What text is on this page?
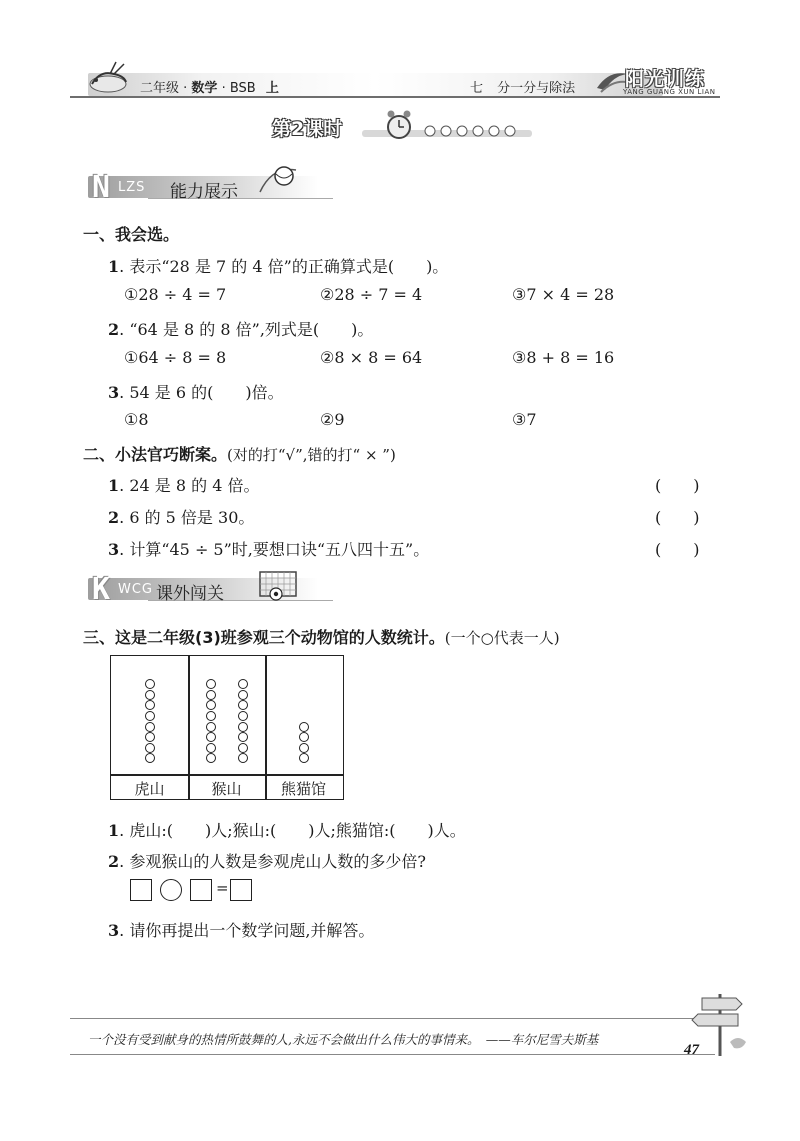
二年级 · 数学 · BSB 上	七 分一分与除法	阳光训练
YANG GUANG XUN LIAN
第2课时
N LZS 能力展示
一、我会选。
1. 表示“28 是 7 的 4 倍”的正确算式是(　　)。
①28 ÷ 4 = 7	②28 ÷ 7 = 4	③7 × 4 = 28
2. “64 是 8 的 8 倍”,列式是(　　)。
①64 ÷ 8 = 8	②8 × 8 = 64	③8 + 8 = 16
3. 54 是 6 的(　　)倍。
①8	②9	③7
二、小法官巧断案。(对的打“√”,错的打“ × ”)
1. 24 是 8 的 4 倍。	(　　)
2. 6 的 5 倍是 30。	(　　)
3. 计算“45 ÷ 5”时,要想口诀“五八四十五”。	(　　)
K WCG 课外闯关
三、这是二年级(3)班参观三个动物馆的人数统计。(一个○代表一人)
虎山	猴山	熊猫馆
1. 虎山:(　　)人;猴山:(　　)人;熊猫馆:(　　)人。
2. 参观猴山的人数是参观虎山人数的多少倍?
=
3. 请你再提出一个数学问题,并解答。
一个没有受到献身的热情所鼓舞的人,永远不会做出什么伟大的事情来。　——车尔尼雪夫斯基
47
